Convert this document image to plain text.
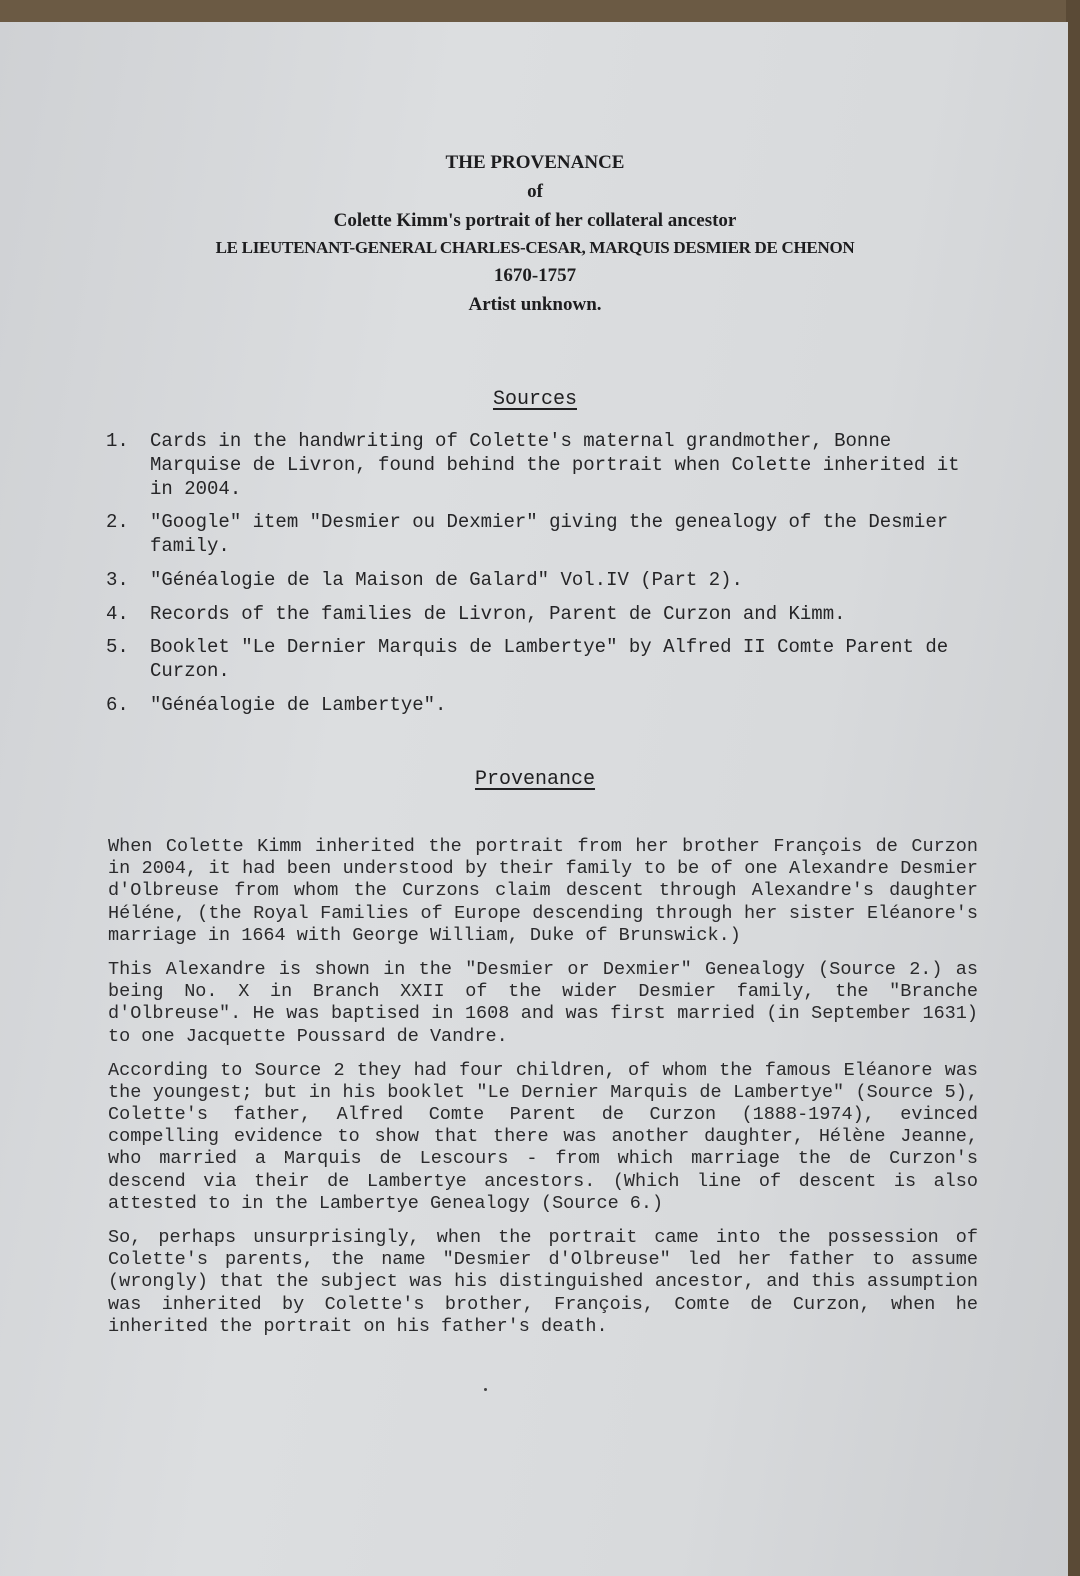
THE PROVENANCE
of
Colette Kimm's portrait of her collateral ancestor
LE LIEUTENANT-GENERAL CHARLES-CESAR, MARQUIS DESMIER DE CHENON
1670-1757
Artist unknown.
Sources
1.	Cards in the handwriting of Colette's maternal grandmother, Bonne Marquise de Livron, found behind the portrait when Colette inherited it in 2004.
2.	"Google" item "Desmier ou Dexmier" giving the genealogy of the Desmier family.
3.	"Généalogie de la Maison de Galard" Vol.IV (Part 2).
4.	Records of the families de Livron, Parent de Curzon and Kimm.
5.	Booklet "Le Dernier Marquis de Lambertye" by Alfred II Comte Parent de Curzon.
6.	"Généalogie de Lambertye".
Provenance

When Colette Kimm inherited the portrait from her brother François de Curzon in 2004, it had been understood by their family to be of one Alexandre Desmier d'Olbreuse from whom the Curzons claim descent through Alexandre's daughter Héléne, (the Royal Families of Europe descending through her sister Eléanore's marriage in 1664 with George William, Duke of Brunswick.)

This Alexandre is shown in the "Desmier or Dexmier" Genealogy (Source 2.) as being No. X in Branch XXII of the wider Desmier family, the "Branche d'Olbreuse". He was baptised in 1608 and was first married (in September 1631) to one Jacquette Poussard de Vandre.

According to Source 2 they had four children, of whom the famous Eléanore was the youngest; but in his booklet "Le Dernier Marquis de Lambertye" (Source 5), Colette's father, Alfred Comte Parent de Curzon (1888-1974), evinced compelling evidence to show that there was another daughter, Hélène Jeanne, who married a Marquis de Lescours - from which marriage the de Curzon's descend via their de Lambertye ancestors. (Which line of descent is also attested to in the Lambertye Genealogy (Source 6.)

So, perhaps unsurprisingly, when the portrait came into the possession of Colette's parents, the name "Desmier d'Olbreuse" led her father to assume (wrongly) that the subject was his distinguished ancestor, and this assumption was inherited by Colette's brother, François, Comte de Curzon, when he inherited the portrait on his father's death.
